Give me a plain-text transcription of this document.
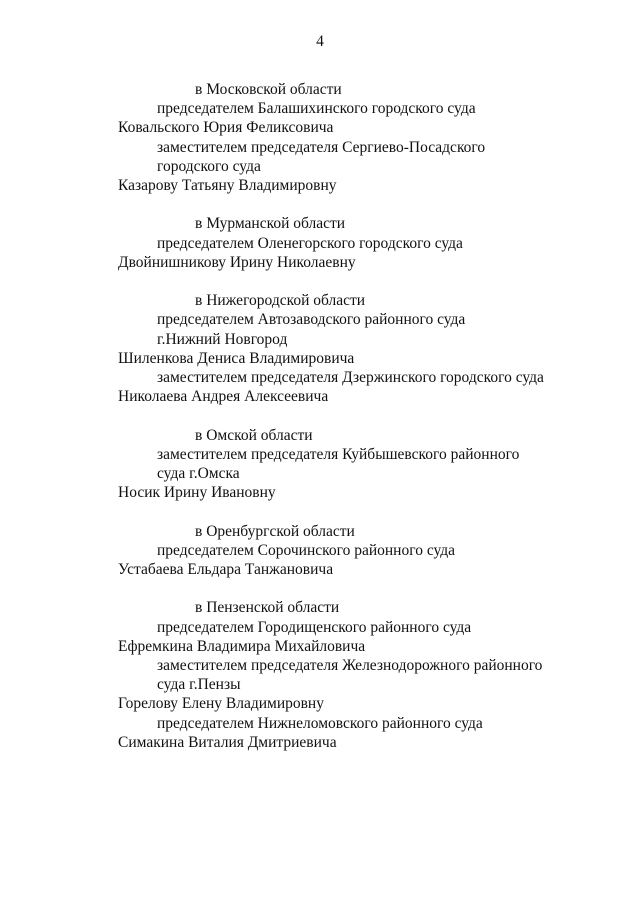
4
в Московской области
председателем Балашихинского городского суда
Ковальского Юрия Феликсовича
заместителем председателя Сергиево-Посадского
городского суда
Казарову Татьяну Владимировну
в Мурманской области
председателем Оленегорского городского суда
Двойнишникову Ирину Николаевну
в Нижегородской области
председателем Автозаводского районного суда
г.Нижний Новгород
Шиленкова Дениса Владимировича
заместителем председателя Дзержинского городского суда
Николаева Андрея Алексеевича
в Омской области
заместителем председателя Куйбышевского районного
суда г.Омска
Носик Ирину Ивановну
в Оренбургской области
председателем Сорочинского районного суда
Устабаева Ельдара Танжановича
в Пензенской области
председателем Городищенского районного суда
Ефремкина Владимира Михайловича
заместителем председателя Железнодорожного районного
суда г.Пензы
Горелову Елену Владимировну
председателем Нижнеломовского районного суда
Симакина Виталия Дмитриевича
